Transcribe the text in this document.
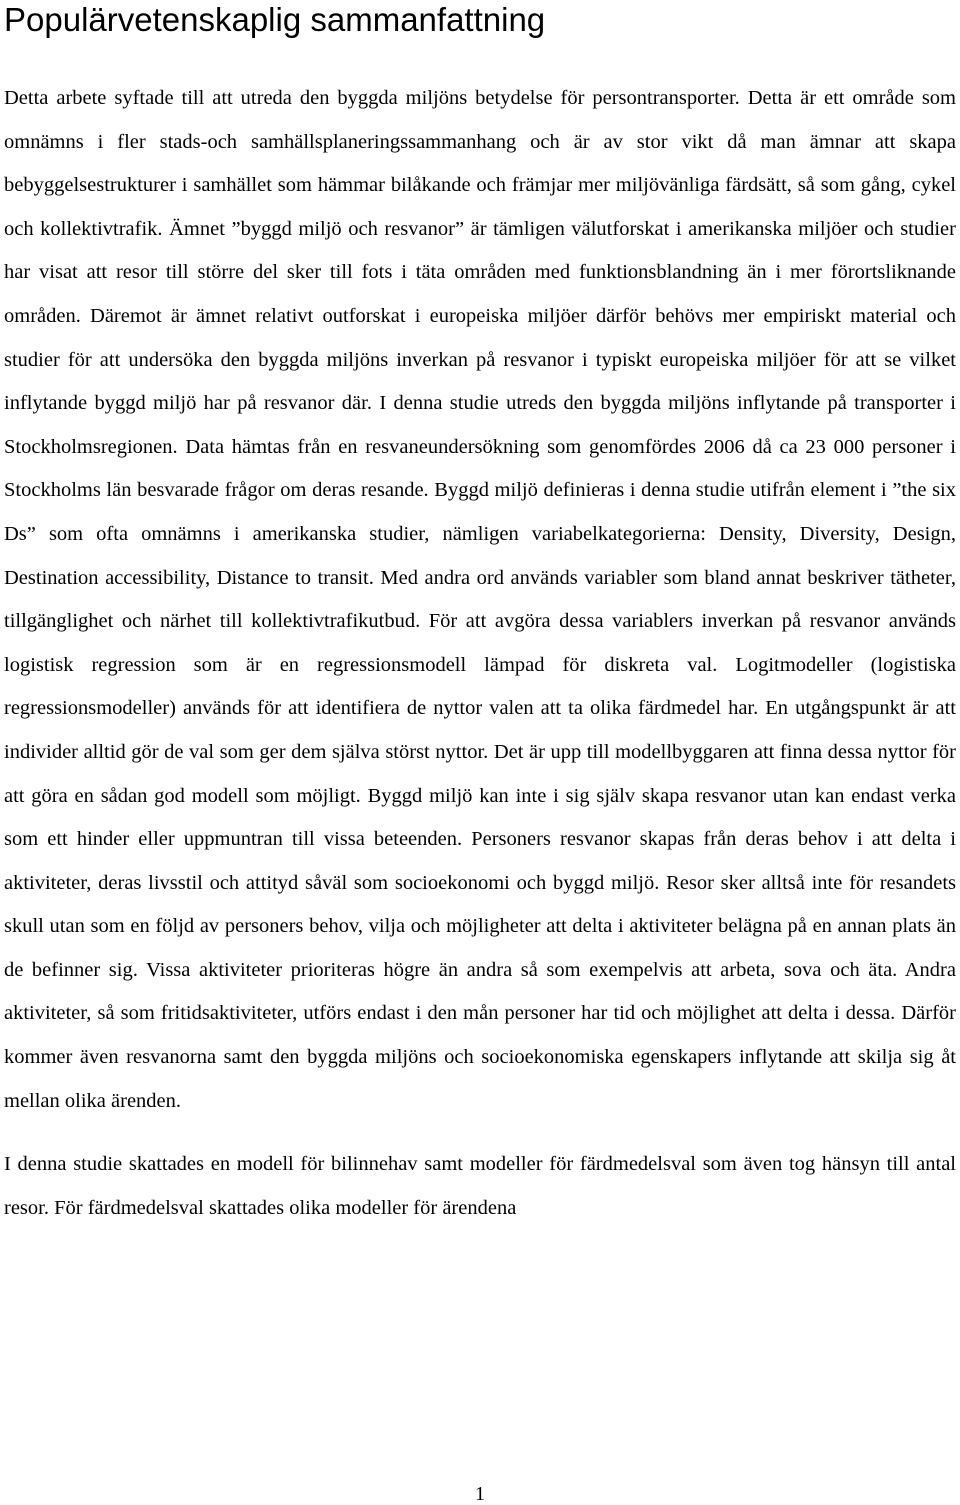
Populärvetenskaplig sammanfattning

Detta arbete syftade till att utreda den byggda miljöns betydelse för persontransporter. Detta är ett område som omnämns i fler stads-och samhällsplaneringssammanhang och är av stor vikt då man ämnar att skapa bebyggelsestrukturer i samhället som hämmar bilåkande och främjar mer miljövänliga färdsätt, så som gång, cykel och kollektivtrafik. Ämnet ”byggd miljö och resvanor” är tämligen välutforskat i amerikanska miljöer och studier har visat att resor till större del sker till fots i täta områden med funktionsblandning än i mer förortsliknande områden. Däremot är ämnet relativt outforskat i europeiska miljöer därför behövs mer empiriskt material och studier för att undersöka den byggda miljöns inverkan på resvanor i typiskt europeiska miljöer för att se vilket inflytande byggd miljö har på resvanor där. I denna studie utreds den byggda miljöns inflytande på transporter i Stockholmsregionen. Data hämtas från en resvaneundersökning som genomfördes 2006 då ca 23 000 personer i Stockholms län besvarade frågor om deras resande. Byggd miljö definieras i denna studie utifrån element i ”the six Ds” som ofta omnämns i amerikanska studier, nämligen variabelkategorierna: Density, Diversity, Design, Destination accessibility, Distance to transit. Med andra ord används variabler som bland annat beskriver tätheter, tillgänglighet och närhet till kollektivtrafikutbud. För att avgöra dessa variablers inverkan på resvanor används logistisk regression som är en regressionsmodell lämpad för diskreta val. Logitmodeller (logistiska regressionsmodeller) används för att identifiera de nyttor valen att ta olika färdmedel har. En utgångspunkt är att individer alltid gör de val som ger dem själva störst nyttor. Det är upp till modellbyggaren att finna dessa nyttor för att göra en sådan god modell som möjligt. Byggd miljö kan inte i sig själv skapa resvanor utan kan endast verka som ett hinder eller uppmuntran till vissa beteenden. Personers resvanor skapas från deras behov i att delta i aktiviteter, deras livsstil och attityd såväl som socioekonomi och byggd miljö. Resor sker alltså inte för resandets skull utan som en följd av personers behov, vilja och möjligheter att delta i aktiviteter belägna på en annan plats än de befinner sig. Vissa aktiviteter prioriteras högre än andra så som exempelvis att arbeta, sova och äta. Andra aktiviteter, så som fritidsaktiviteter, utförs endast i den mån personer har tid och möjlighet att delta i dessa. Därför kommer även resvanorna samt den byggda miljöns och socioekonomiska egenskapers inflytande att skilja sig åt mellan olika ärenden.

I denna studie skattades en modell för bilinnehav samt modeller för färdmedelsval som även tog hänsyn till antal resor. För färdmedelsval skattades olika modeller för ärendena

1
